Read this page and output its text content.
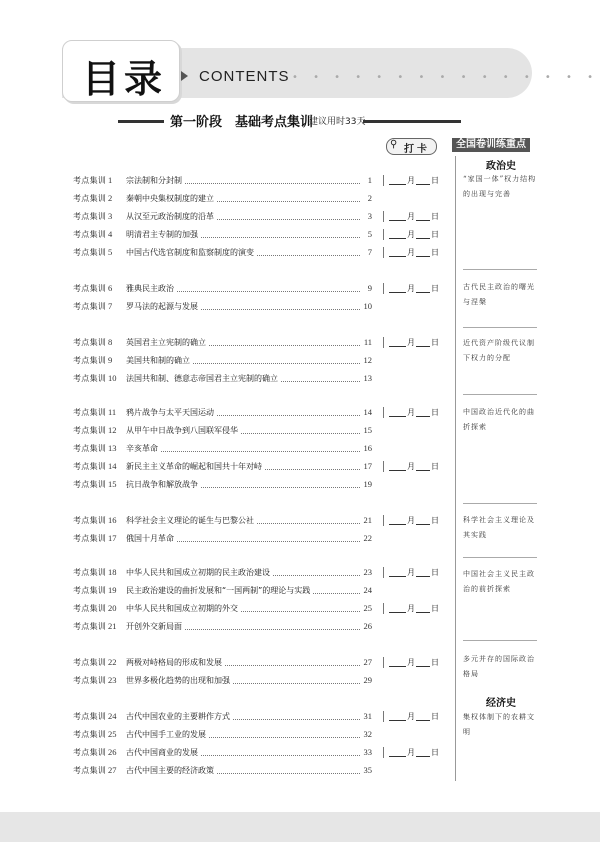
目录 CONTENTS • • • • • • • • • • • • • • •
第一阶段　基础考点集训
建议用时33天
⚲ 打卡	全国卷训练重点
政治史
“家国一体”权力结构的出现与完善
古代民主政治的曙光与涅槃
近代资产阶级代议制下权力的分配
中国政治近代化的曲折探索
科学社会主义理论及其实践
中国社会主义民主政治的前折探索
多元并存的国际政治格局
经济史
集权体制下的农耕文明
考点集训 1 宗法制和分封制	1	月 日
考点集训 2 秦朝中央集权制度的建立	2
考点集训 3 从汉至元政治制度的沿革	3	月 日
考点集训 4 明清君主专制的加强	5	月 日
考点集训 5 中国古代选官制度和监察制度的演变	7	月 日
考点集训 6 雅典民主政治	9	月 日
考点集训 7 罗马法的起源与发展	10
考点集训 8 英国君主立宪制的确立	11	月 日
考点集训 9 美国共和制的确立	12
考点集训 10 法国共和制、德意志帝国君主立宪制的确立	13
考点集训 11 鸦片战争与太平天国运动	14	月 日
考点集训 12 从甲午中日战争到八国联军侵华	15
考点集训 13 辛亥革命	16
考点集训 14 新民主主义革命的崛起和国共十年对峙	17	月 日
考点集训 15 抗日战争和解放战争	19
考点集训 16 科学社会主义理论的诞生与巴黎公社	21	月 日
考点集训 17 俄国十月革命	22
考点集训 18 中华人民共和国成立初期的民主政治建设	23	月 日
考点集训 19 民主政治建设的曲折发展和“一国两制”的理论与实践	24
考点集训 20 中华人民共和国成立初期的外交	25	月 日
考点集训 21 开创外交新局面	26
考点集训 22 两极对峙格局的形成和发展	27	月 日
考点集训 23 世界多极化趋势的出现和加强	29
考点集训 24 古代中国农业的主要耕作方式	31	月 日
考点集训 25 古代中国手工业的发展	32
考点集训 26 古代中国商业的发展	33	月 日
考点集训 27 古代中国主要的经济政策	35
